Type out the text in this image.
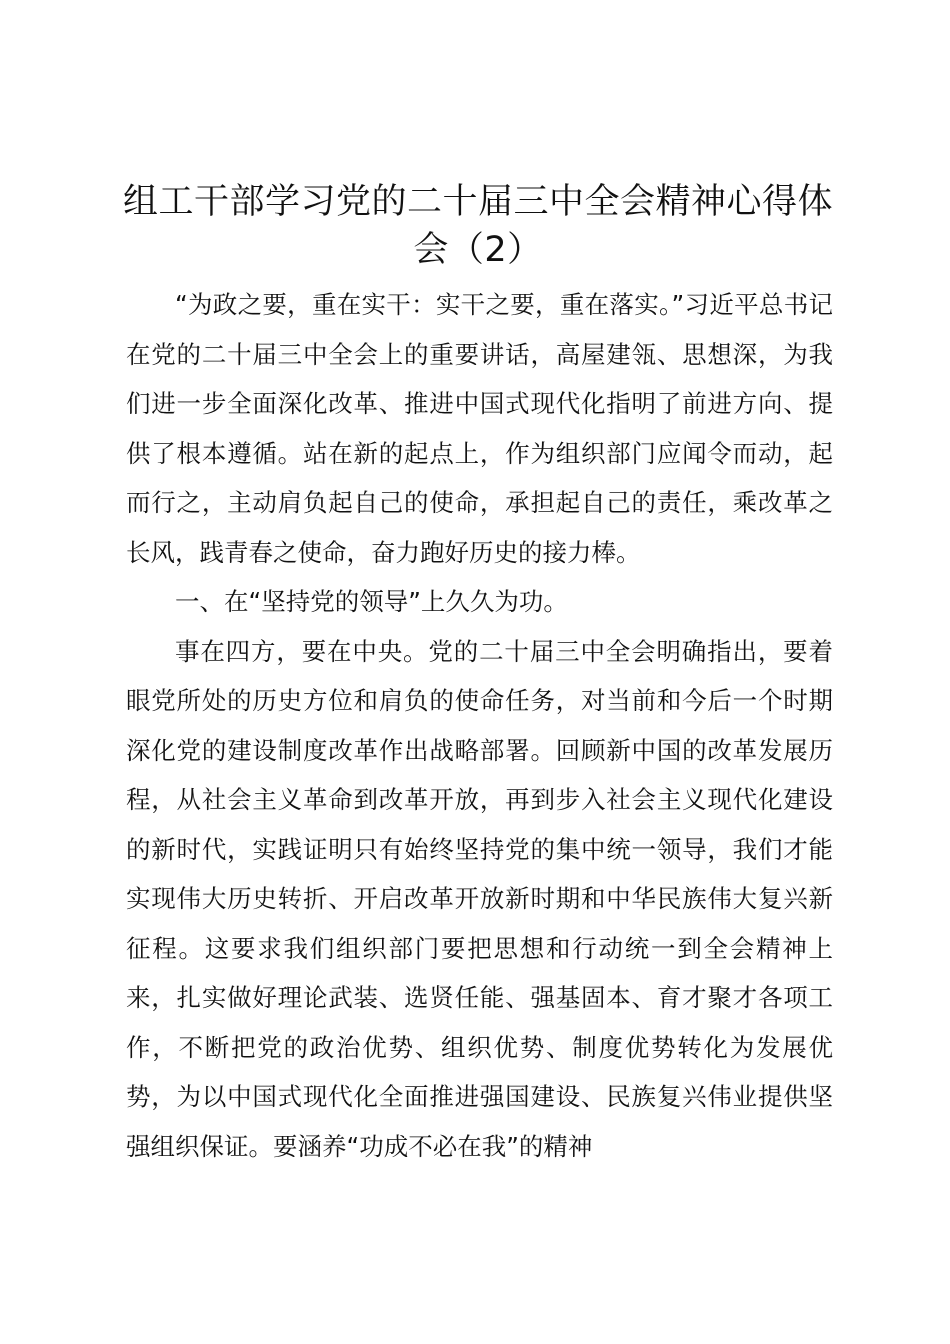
组工干部学习党的二十届三中全会精神心得体会（2）

“为政之要，重在实干：实干之要，重在落实。”习近平总书记在党的二十届三中全会上的重要讲话，高屋建瓴、思想深，为我们进一步全面深化改革、推进中国式现代化指明了前进方向、提供了根本遵循。站在新的起点上，作为组织部门应闻令而动，起而行之，主动肩负起自己的使命，承担起自己的责任，乘改革之长风，践青春之使命，奋力跑好历史的接力棒。

一、在“坚持党的领导”上久久为功。

事在四方，要在中央。党的二十届三中全会明确指出，要着眼党所处的历史方位和肩负的使命任务，对当前和今后一个时期深化党的建设制度改革作出战略部署。回顾新中国的改革发展历程，从社会主义革命到改革开放，再到步入社会主义现代化建设的新时代，实践证明只有始终坚持党的集中统一领导，我们才能实现伟大历史转折、开启改革开放新时期和中华民族伟大复兴新征程。这要求我们组织部门要把思想和行动统一到全会精神上来，扎实做好理论武装、选贤任能、强基固本、育才聚才各项工作，不断把党的政治优势、组织优势、制度优势转化为发展优势，为以中国式现代化全面推进强国建设、民族复兴伟业提供坚强组织保证。要涵养“功成不必在我”的精神
